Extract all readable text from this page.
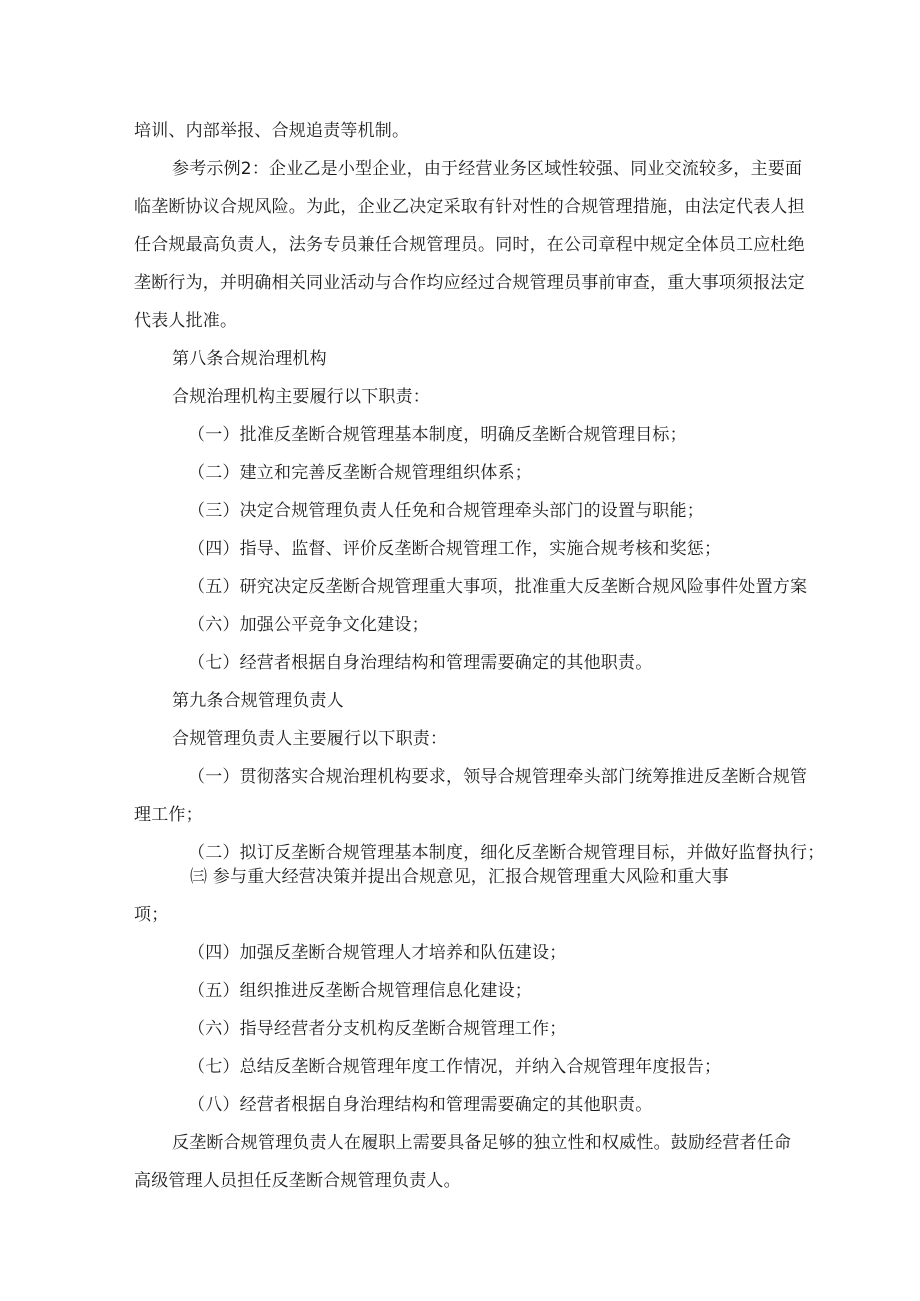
培训、内部举报、合规追责等机制。
参考示例2：企业乙是小型企业，由于经营业务区域性较强、同业交流较多，主要面
临垄断协议合规风险。为此，企业乙决定采取有针对性的合规管理措施，由法定代表人担
任合规最高负责人，法务专员兼任合规管理员。同时，在公司章程中规定全体员工应杜绝
垄断行为，并明确相关同业活动与合作均应经过合规管理员事前审查，重大事项须报法定
代表人批准。
第八条合规治理机构
合规治理机构主要履行以下职责：
（一）批准反垄断合规管理基本制度，明确反垄断合规管理目标；
（二）建立和完善反垄断合规管理组织体系；
（三）决定合规管理负责人任免和合规管理牵头部门的设置与职能；
（四）指导、监督、评价反垄断合规管理工作，实施合规考核和奖惩；
（五）研究决定反垄断合规管理重大事项，批准重大反垄断合规风险事件处置方案
（六）加强公平竞争文化建设；
（七）经营者根据自身治理结构和管理需要确定的其他职责。
第九条合规管理负责人
合规管理负责人主要履行以下职责：
（一）贯彻落实合规治理机构要求，领导合规管理牵头部门统筹推进反垄断合规管
理工作；
（二）拟订反垄断合规管理基本制度，细化反垄断合规管理目标，并做好监督执行；
㈢ 参与重大经营决策并提出合规意见，汇报合规管理重大风险和重大事
项；
（四）加强反垄断合规管理人才培养和队伍建设；
（五）组织推进反垄断合规管理信息化建设；
（六）指导经营者分支机构反垄断合规管理工作；
（七）总结反垄断合规管理年度工作情况，并纳入合规管理年度报告；
（八）经营者根据自身治理结构和管理需要确定的其他职责。
反垄断合规管理负责人在履职上需要具备足够的独立性和权威性。鼓励经营者任命
高级管理人员担任反垄断合规管理负责人。
